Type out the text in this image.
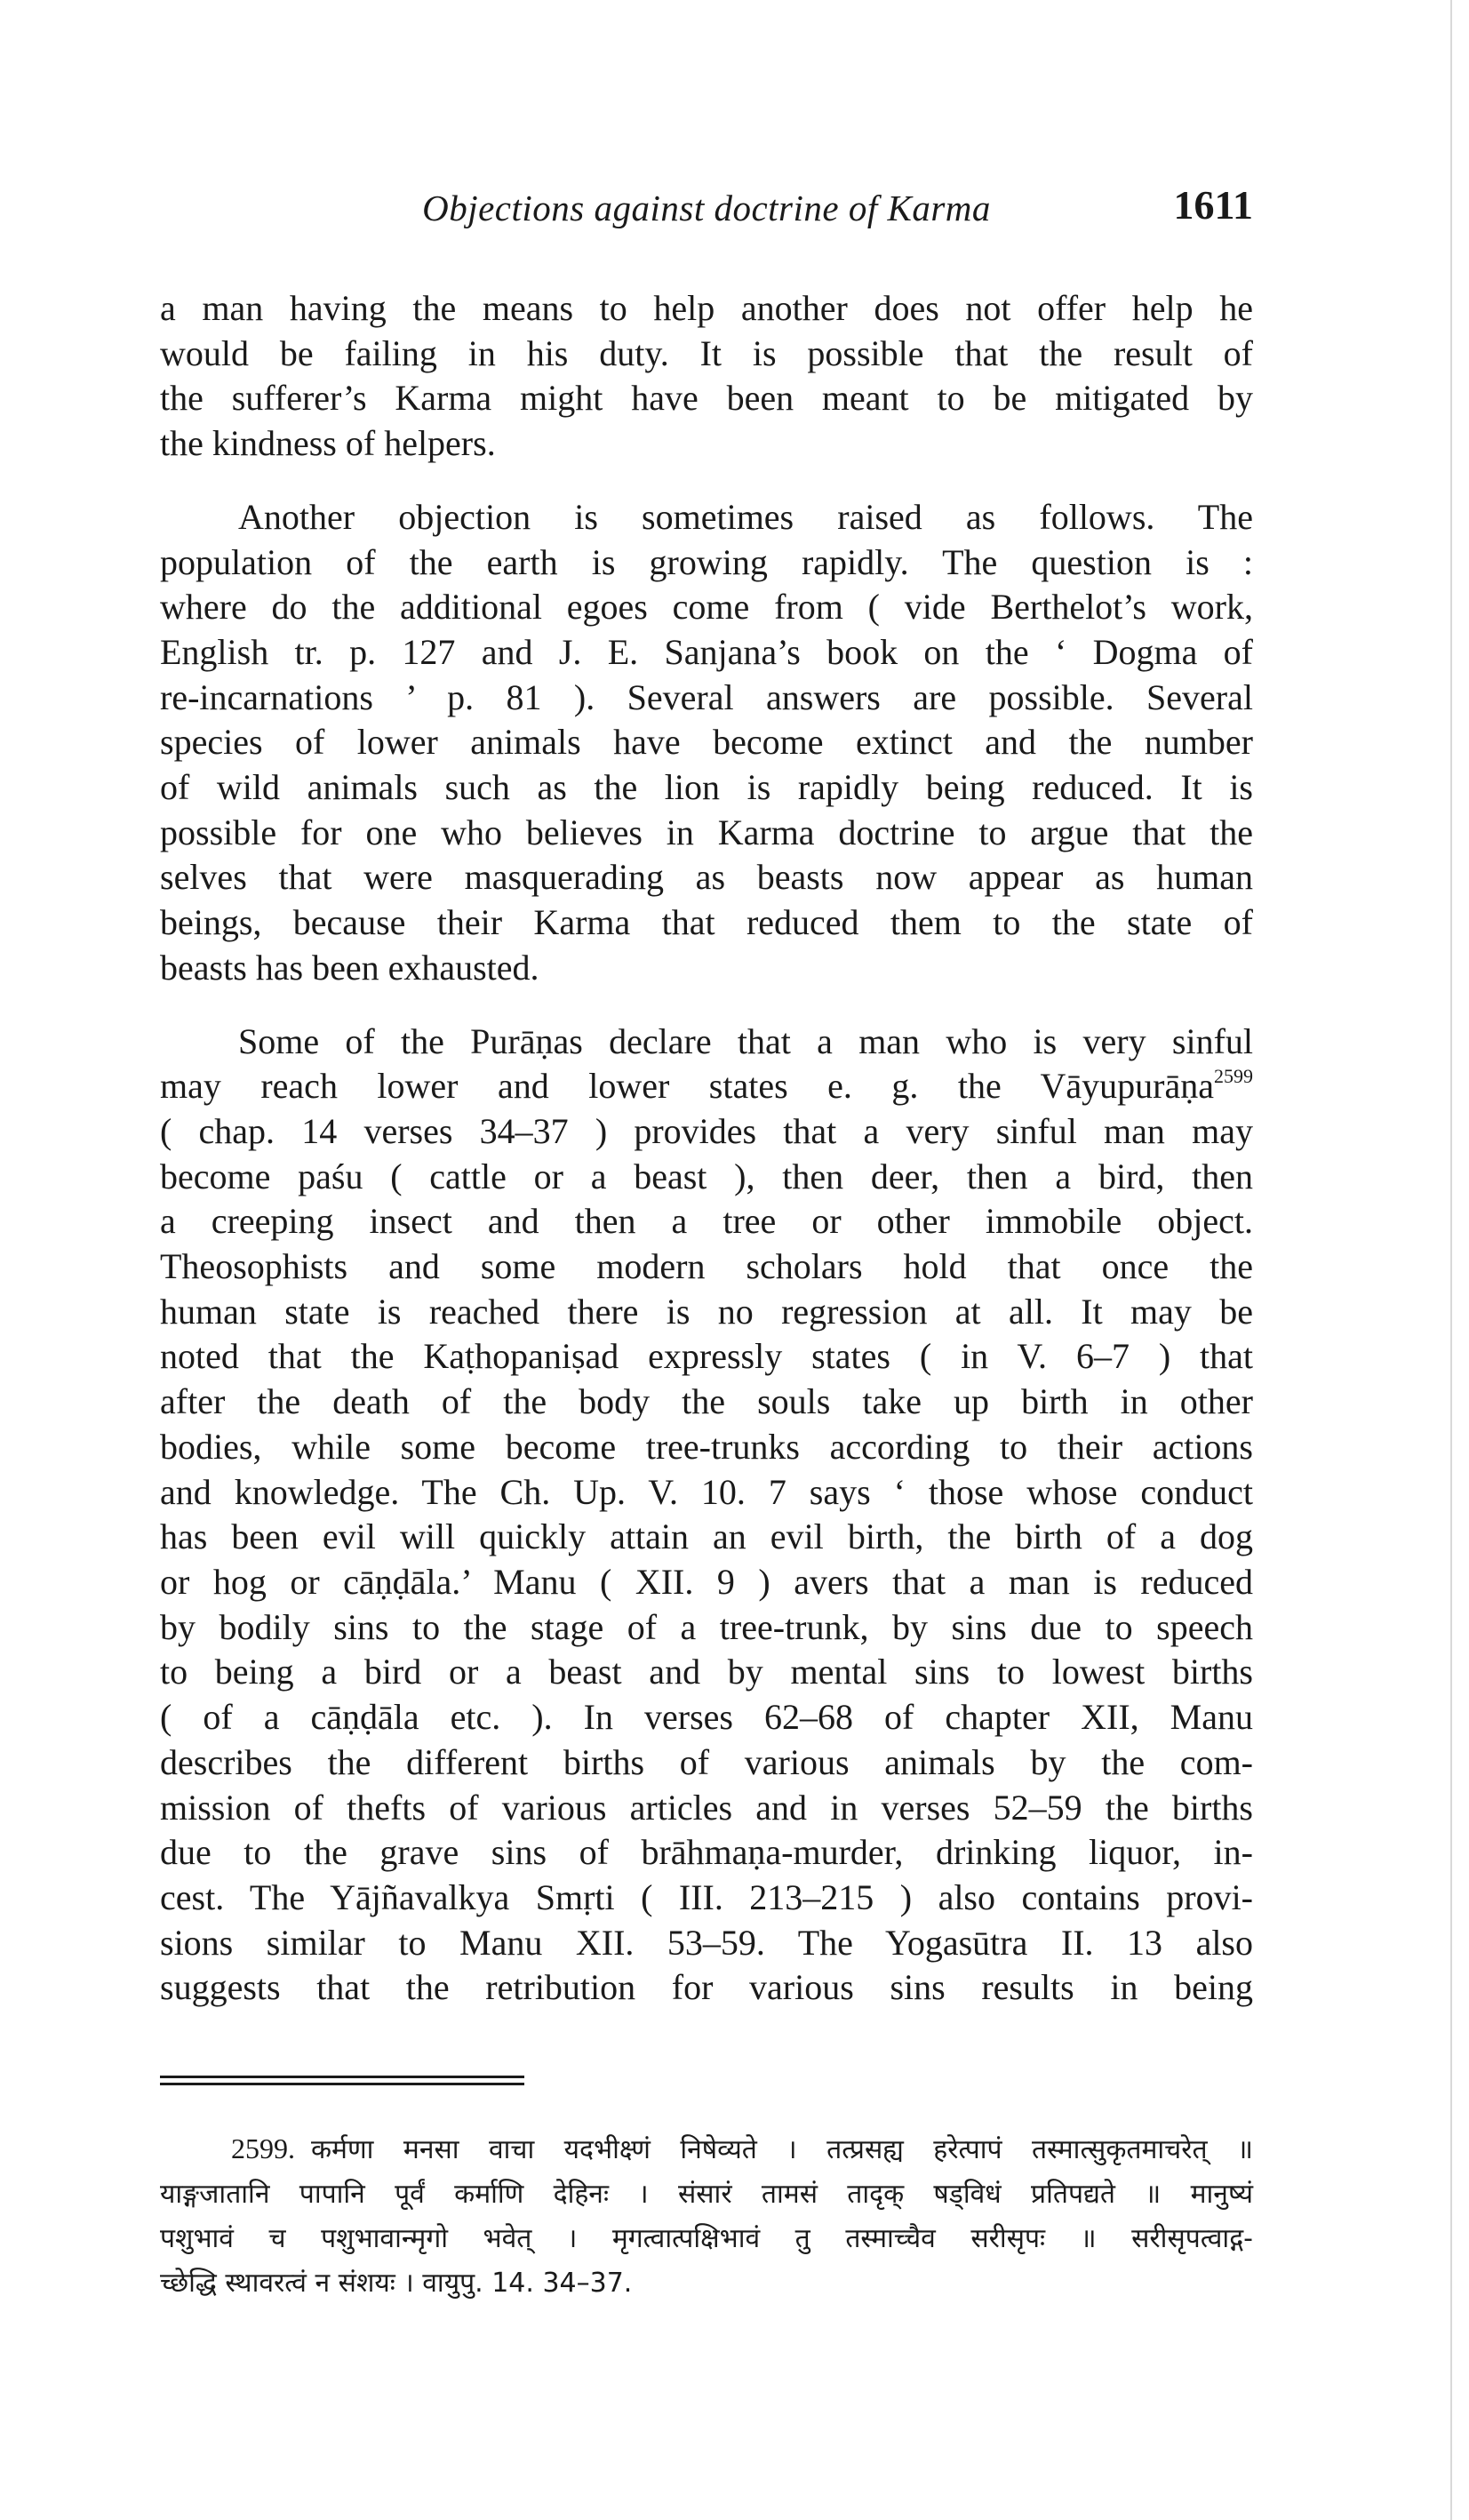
Objections against doctrine of Karma	1611

a man having the means to help another does not offer help he
would be failing in his duty. It is possible that the result of
the sufferer’s Karma might have been meant to be mitigated by
the kindness of helpers.

Another objection is sometimes raised as follows. The
population of the earth is growing rapidly. The question is :
where do the additional egoes come from ( vide Berthelot’s work,
English tr. p. 127 and J. E. Sanjana’s book on the ‘ Dogma of
re-incarnations ’ p. 81 ). Several answers are possible. Several
species of lower animals have become extinct and the number
of wild animals such as the lion is rapidly being reduced. It is
possible for one who believes in Karma doctrine to argue that the
selves that were masquerading as beasts now appear as human
beings, because their Karma that reduced them to the state of
beasts has been exhausted.

Some of the Purāṇas declare that a man who is very sinful
may reach lower and lower states e. g. the Vāyupurāṇa$^{2599}$
( chap. 14 verses 34–37 ) provides that a very sinful man may
become paśu ( cattle or a beast ), then deer, then a bird, then
a creeping insect and then a tree or other immobile object.
Theosophists and some modern scholars hold that once the
human state is reached there is no regression at all. It may be
noted that the Kaṭhopaniṣad expressly states ( in V. 6–7 ) that
after the death of the body the souls take up birth in other
bodies, while some become tree-trunks according to their actions
and knowledge. The Ch. Up. V. 10. 7 says ‘ those whose conduct
has been evil will quickly attain an evil birth, the birth of a dog
or hog or cāṇḍāla.’ Manu ( XII. 9 ) avers that a man is reduced
by bodily sins to the stage of a tree-trunk, by sins due to speech
to being a bird or a beast and by mental sins to lowest births
( of a cāṇḍāla etc. ). In verses 62–68 of chapter XII, Manu
describes the different births of various animals by the com-
mission of thefts of various articles and in verses 52–59 the births
due to the grave sins of brāhmaṇa-murder, drinking liquor, in-
cest. The Yājñavalkya Smṛti ( III. 213–215 ) also contains provi-
sions similar to Manu XII. 53–59. The Yogasūtra II. 13 also
suggests that the retribution for various sins results in being

2599. कर्मणा मनसा वाचा यदभीक्ष्णं निषेव्यते । तत्प्रसह्य हरेत्पापं तस्मात्सुकृतमाचरेत् ॥
याङ्गजातानि पापानि पूर्वं कर्माणि देहिनः । संसारं तामसं तादृक् षड्विधं प्रतिपद्यते ॥ मानुष्यं
पशुभावं च पशुभावान्मृगो भवेत् । मृगत्वात्पक्षिभावं तु तस्माच्चैव सरीसृपः ॥ सरीसृपत्वाद्ग-
च्छेद्धि स्थावरत्वं न संशयः । वायुपु. 14. 34–37.
